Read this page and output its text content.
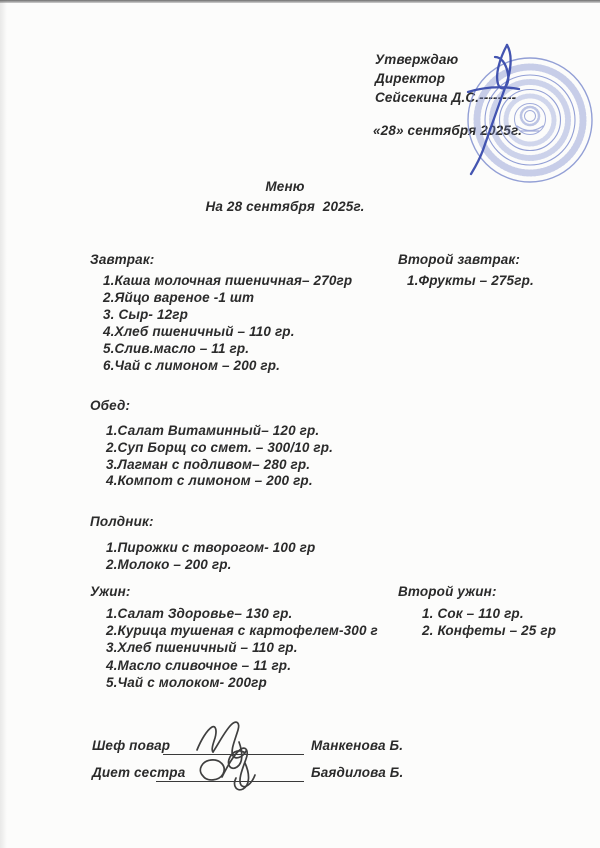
Утверждаю
Директор
Сейсекина Д.С.--------
«28» сентября 2025г.
Меню
На 28 сентября  2025г.
Завтрак:	Второй завтрак:
Обед:
Полдник:
Ужин:	Второй ужин:
1.Каша молочная пшеничная– 270гр
2.Яйцо вареное -1 шт
3. Сыр- 12гр
4.Хлеб пшеничный – 110 гр.
5.Слив.масло – 11 гр.
6.Чай с лимоном – 200 гр.
1.Фрукты – 275гр.
1.Салат Витаминный– 120 гр.
2.Суп Борщ со смет. – 300/10 гр.
3.Лагман с подливом– 280 гр.
4.Компот с лимоном – 200 гр.
1.Пирожки с творогом- 100 гр
2.Молоко – 200 гр.
1.Салат Здоровье– 130 гр.
2.Курица тушеная с картофелем-300 г
3.Хлеб пшеничный – 110 гр.
4.Масло сливочное – 11 гр.
5.Чай с молоком- 200гр
1. Сок – 110 гр.
2. Конфеты – 25 гр
Шеф повар	Манкенова Б.
Диет сестра	Баядилова Б.
